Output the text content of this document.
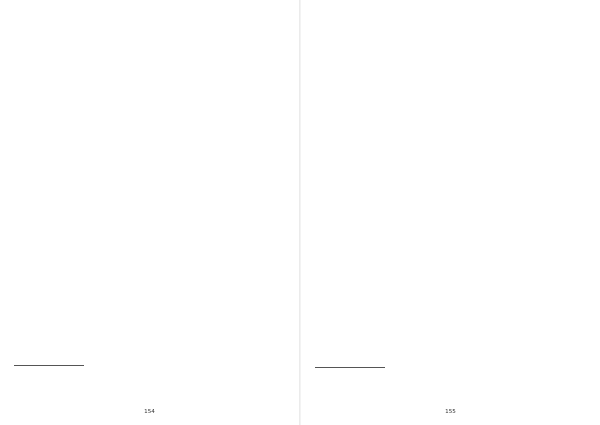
154	155
